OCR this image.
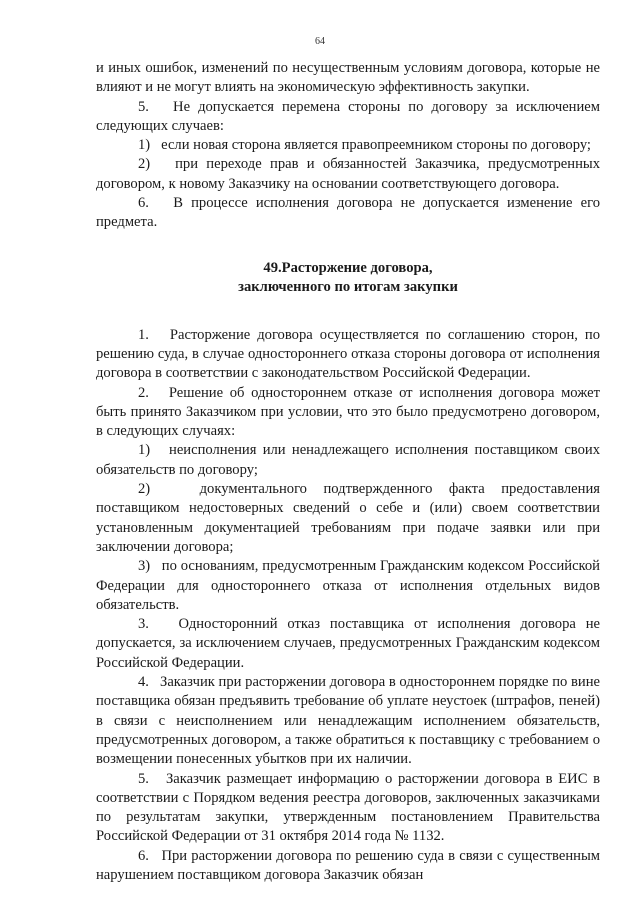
64

и иных ошибок, изменений по несущественным условиям договора, которые не влияют и не могут влиять на экономическую эффективность закупки.

5.   Не допускается перемена стороны по договору за исключением следующих случаев:

1)   если новая сторона является правопреемником стороны по договору;

2)   при переходе прав и обязанностей Заказчика, предусмотренных договором, к новому Заказчику на основании соответствующего договора.

6.   В процессе исполнения договора не допускается изменение его предмета.

49.Расторжение договора,
заключенного по итогам закупки

1.   Расторжение договора осуществляется по соглашению сторон, по решению суда, в случае одностороннего отказа стороны договора от исполнения договора в соответствии с законодательством Российской Федерации.

2.   Решение об одностороннем отказе от исполнения договора может быть принято Заказчиком при условии, что это было предусмотрено договором, в следующих случаях:

1)   неисполнения или ненадлежащего исполнения поставщиком своих обязательств по договору;

2)   документального подтвержденного факта предоставления поставщиком недостоверных сведений о себе и (или) своем соответствии установленным документацией требованиям при подаче заявки или при заключении договора;

3)   по основаниям, предусмотренным Гражданским кодексом Российской Федерации для одностороннего отказа от исполнения отдельных видов обязательств.

3.   Односторонний отказ поставщика от исполнения договора не допускается, за исключением случаев, предусмотренных Гражданским кодексом Российской Федерации.

4.   Заказчик при расторжении договора в одностороннем порядке по вине поставщика обязан предъявить требование об уплате неустоек (штрафов, пеней) в связи с неисполнением или ненадлежащим исполнением обязательств, предусмотренных договором, а также обратиться к поставщику с требованием о возмещении понесенных убытков при их наличии.

5.   Заказчик размещает информацию о расторжении договора в ЕИС в соответствии с Порядком ведения реестра договоров, заключенных заказчиками по результатам закупки, утвержденным постановлением Правительства Российской Федерации от 31 октября 2014 года № 1132.

6.   При расторжении договора по решению суда в связи с существенным нарушением поставщиком договора Заказчик обязан
